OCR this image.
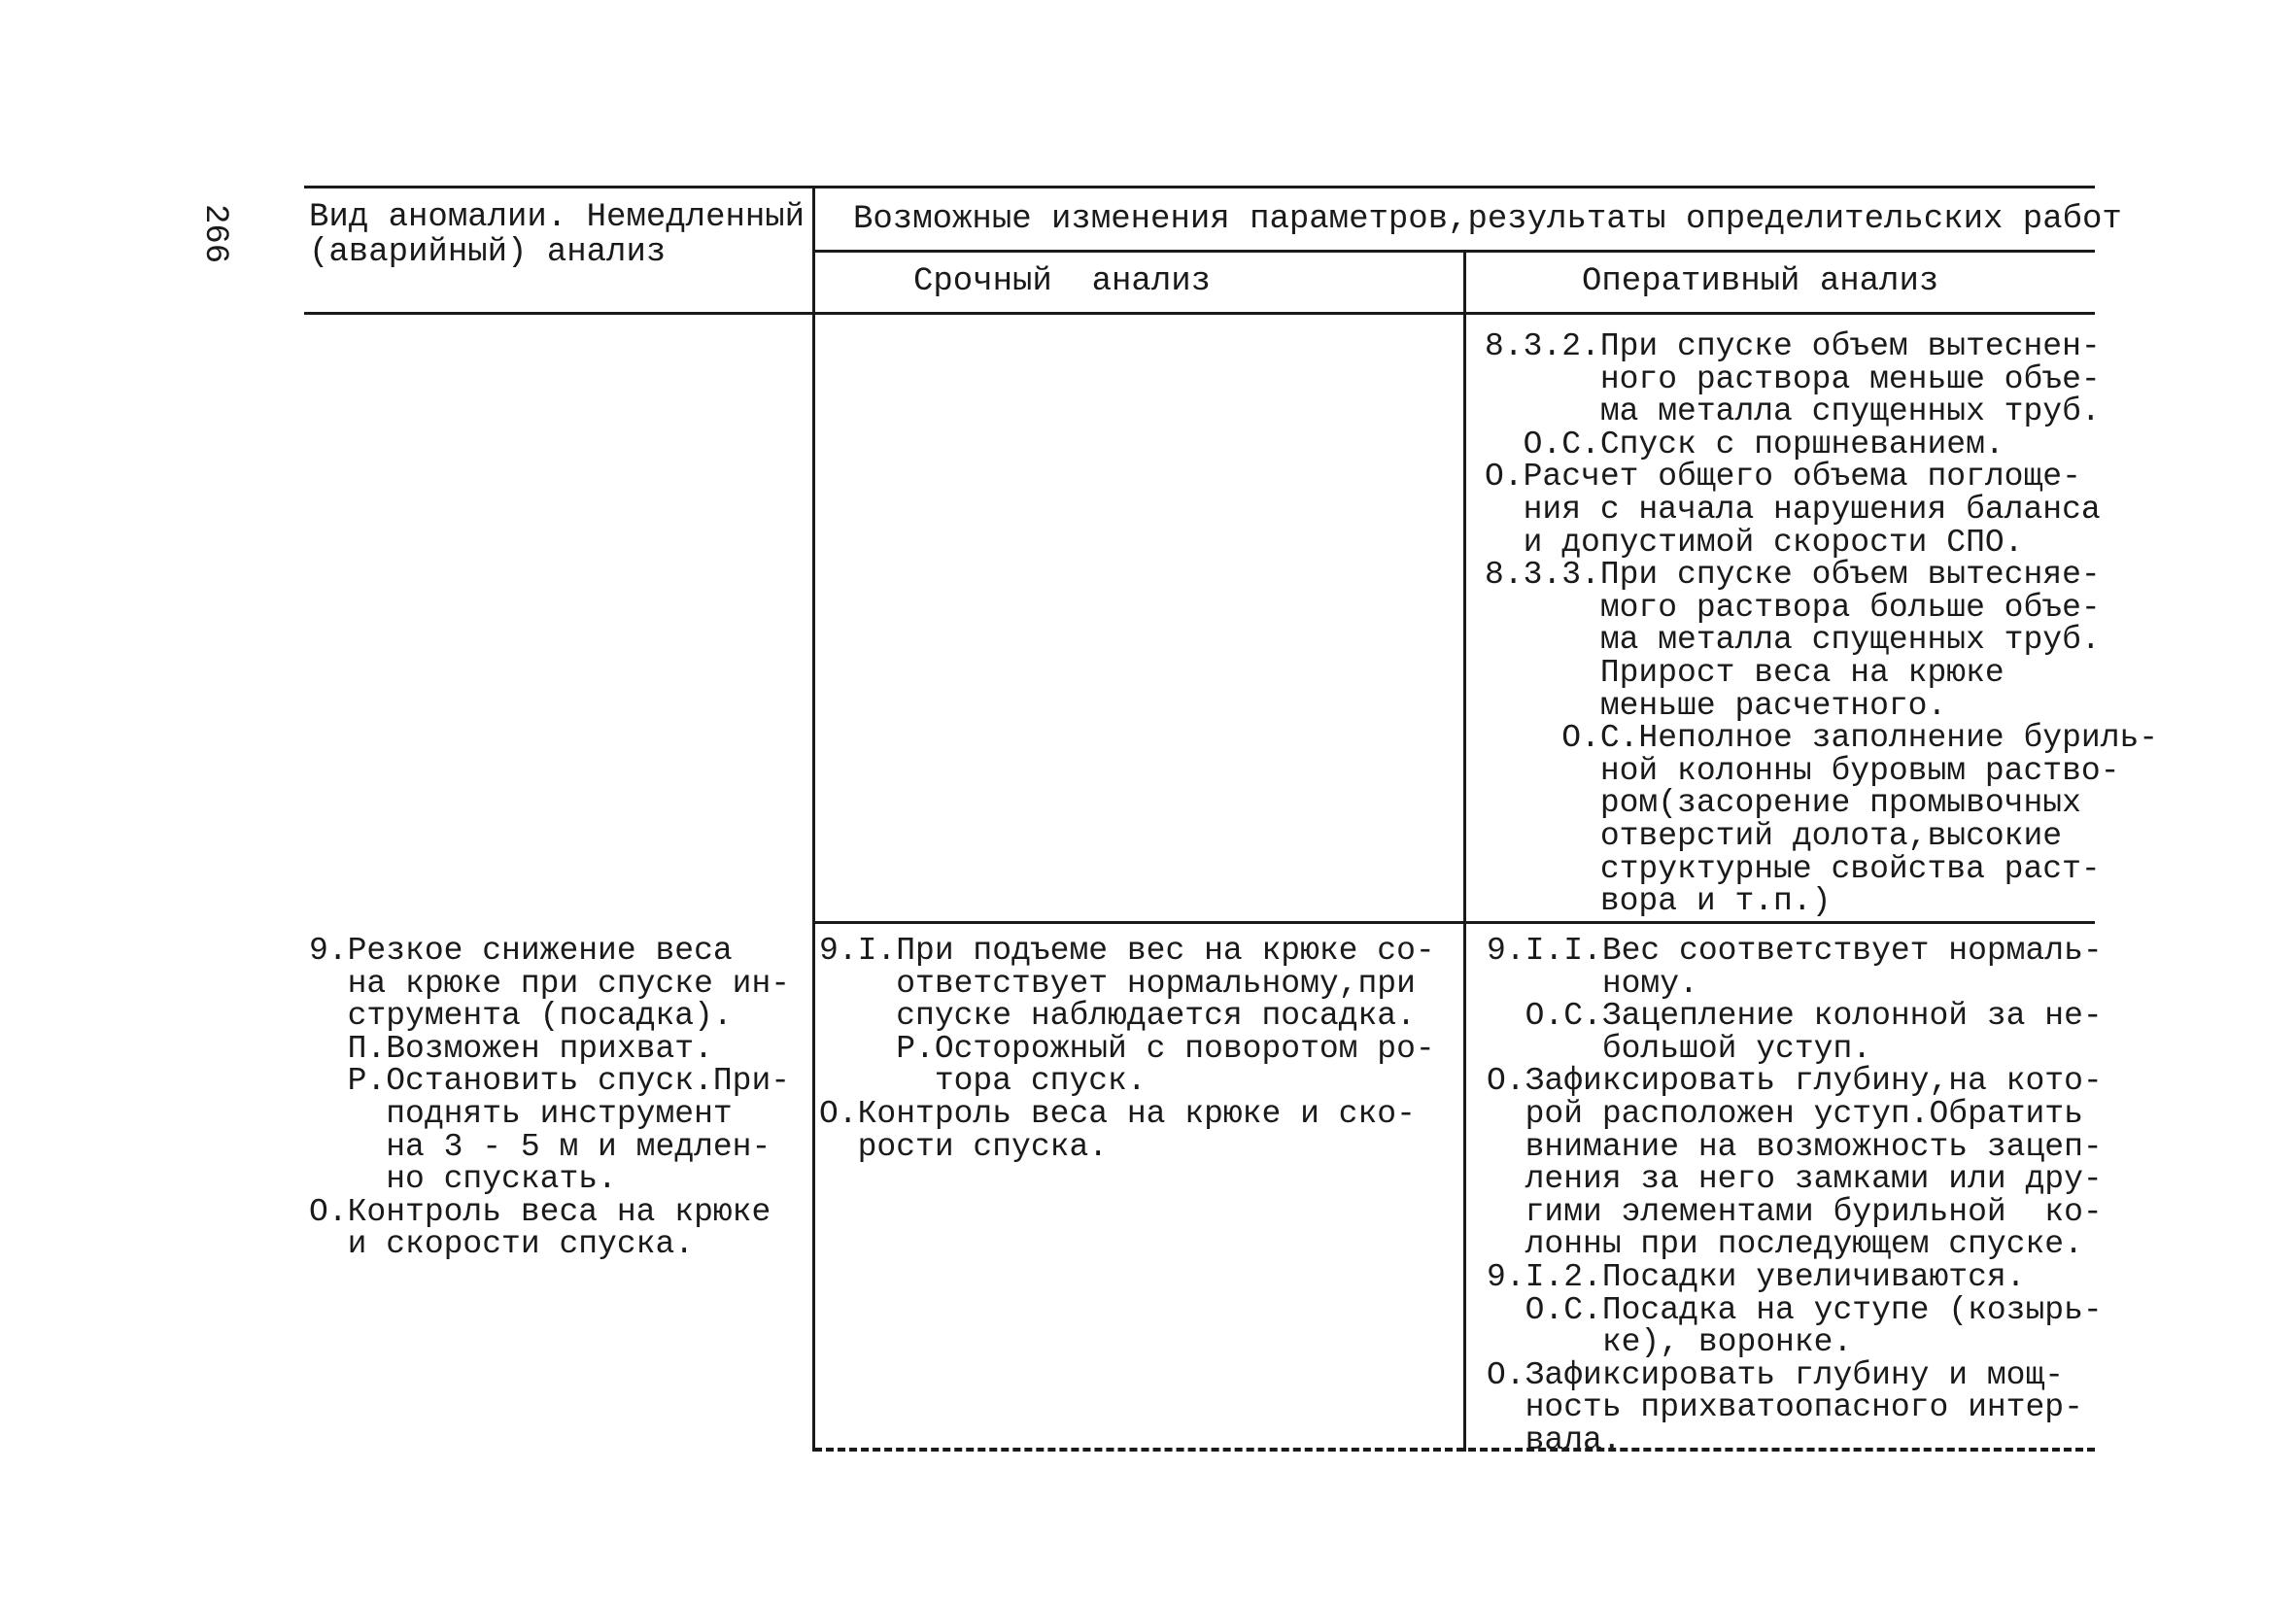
266 Вид аномалии. Немедленный
(аварийный) анализ
Возможные изменения параметров,результаты определительских работ
Срочный  анализ	Оперативный анализ
8.3.2.При спуске объем вытеснен-
ного раствора меньше объе-
ма металла спущенных труб.
О.С.Спуск с поршневанием.
О.Расчет общего объема поглоще-
ния с начала нарушения баланса
и допустимой скорости СПО.
8.3.3.При спуске объем вытесняе-
мого раствора больше объе-
ма металла спущенных труб.
Прирост веса на крюке
меньше расчетного.
О.С.Неполное заполнение буриль-
ной колонны буровым раство-
ром(засорение промывочных
отверстий долота,высокие
структурные свойства раст-
вора и т.п.)
9.Резкое снижение веса
на крюке при спуске ин-
струмента (посадка).
П.Возможен прихват.
Р.Остановить спуск.При-
поднять инструмент
на 3 - 5 м и медлен-
но спускать.
О.Контроль веса на крюке
и скорости спуска.
9.I.При подъеме вес на крюке со-
ответствует нормальному,при
спуске наблюдается посадка.
Р.Осторожный с поворотом ро-
тора спуск.
О.Контроль веса на крюке и ско-
рости спуска.
9.I.I.Вес соответствует нормаль-
ному.
О.С.Зацепление колонной за не-
большой уступ.
О.Зафиксировать глубину,на кото-
рой расположен уступ.Обратить
внимание на возможность зацеп-
ления за него замками или дру-
гими элементами бурильной  ко-
лонны при последующем спуске.
9.I.2.Посадки увеличиваются.
О.С.Посадка на уступе (козырь-
ке), воронке.
О.Зафиксировать глубину и мощ-
ность прихватоопасного интер-
вала.
